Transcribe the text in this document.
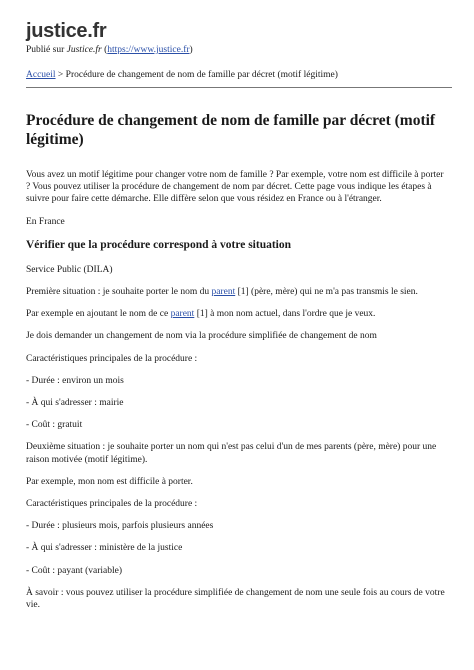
justice.fr
Publié sur Justice.fr (https://www.justice.fr)
Accueil > Procédure de changement de nom de famille par décret (motif légitime)
Procédure de changement de nom de famille par décret (motif légitime)

Vous avez un motif légitime pour changer votre nom de famille ? Par exemple, votre nom est difficile à porter ? Vous pouvez utiliser la procédure de changement de nom par décret. Cette page vous indique les étapes à suivre pour faire cette démarche. Elle diffère selon que vous résidez en France ou à l'étranger.

En France

Vérifier que la procédure correspond à votre situation

Service Public (DILA)

Première situation : je souhaite porter le nom du parent [1] (père, mère) qui ne m'a pas transmis le sien.

Par exemple en ajoutant le nom de ce parent [1] à mon nom actuel, dans l'ordre que je veux.

Je dois demander un changement de nom via la procédure simplifiée de changement de nom

Caractéristiques principales de la procédure :

- Durée : environ un mois

- À qui s'adresser : mairie

- Coût : gratuit

Deuxième situation : je souhaite porter un nom qui n'est pas celui d'un de mes parents (père, mère) pour une raison motivée (motif légitime).

Par exemple, mon nom est difficile à porter.

Caractéristiques principales de la procédure :

- Durée : plusieurs mois, parfois plusieurs années

- À qui s'adresser : ministère de la justice

- Coût : payant (variable)

À savoir : vous pouvez utiliser la procédure simplifiée de changement de nom une seule fois au cours de votre vie.
